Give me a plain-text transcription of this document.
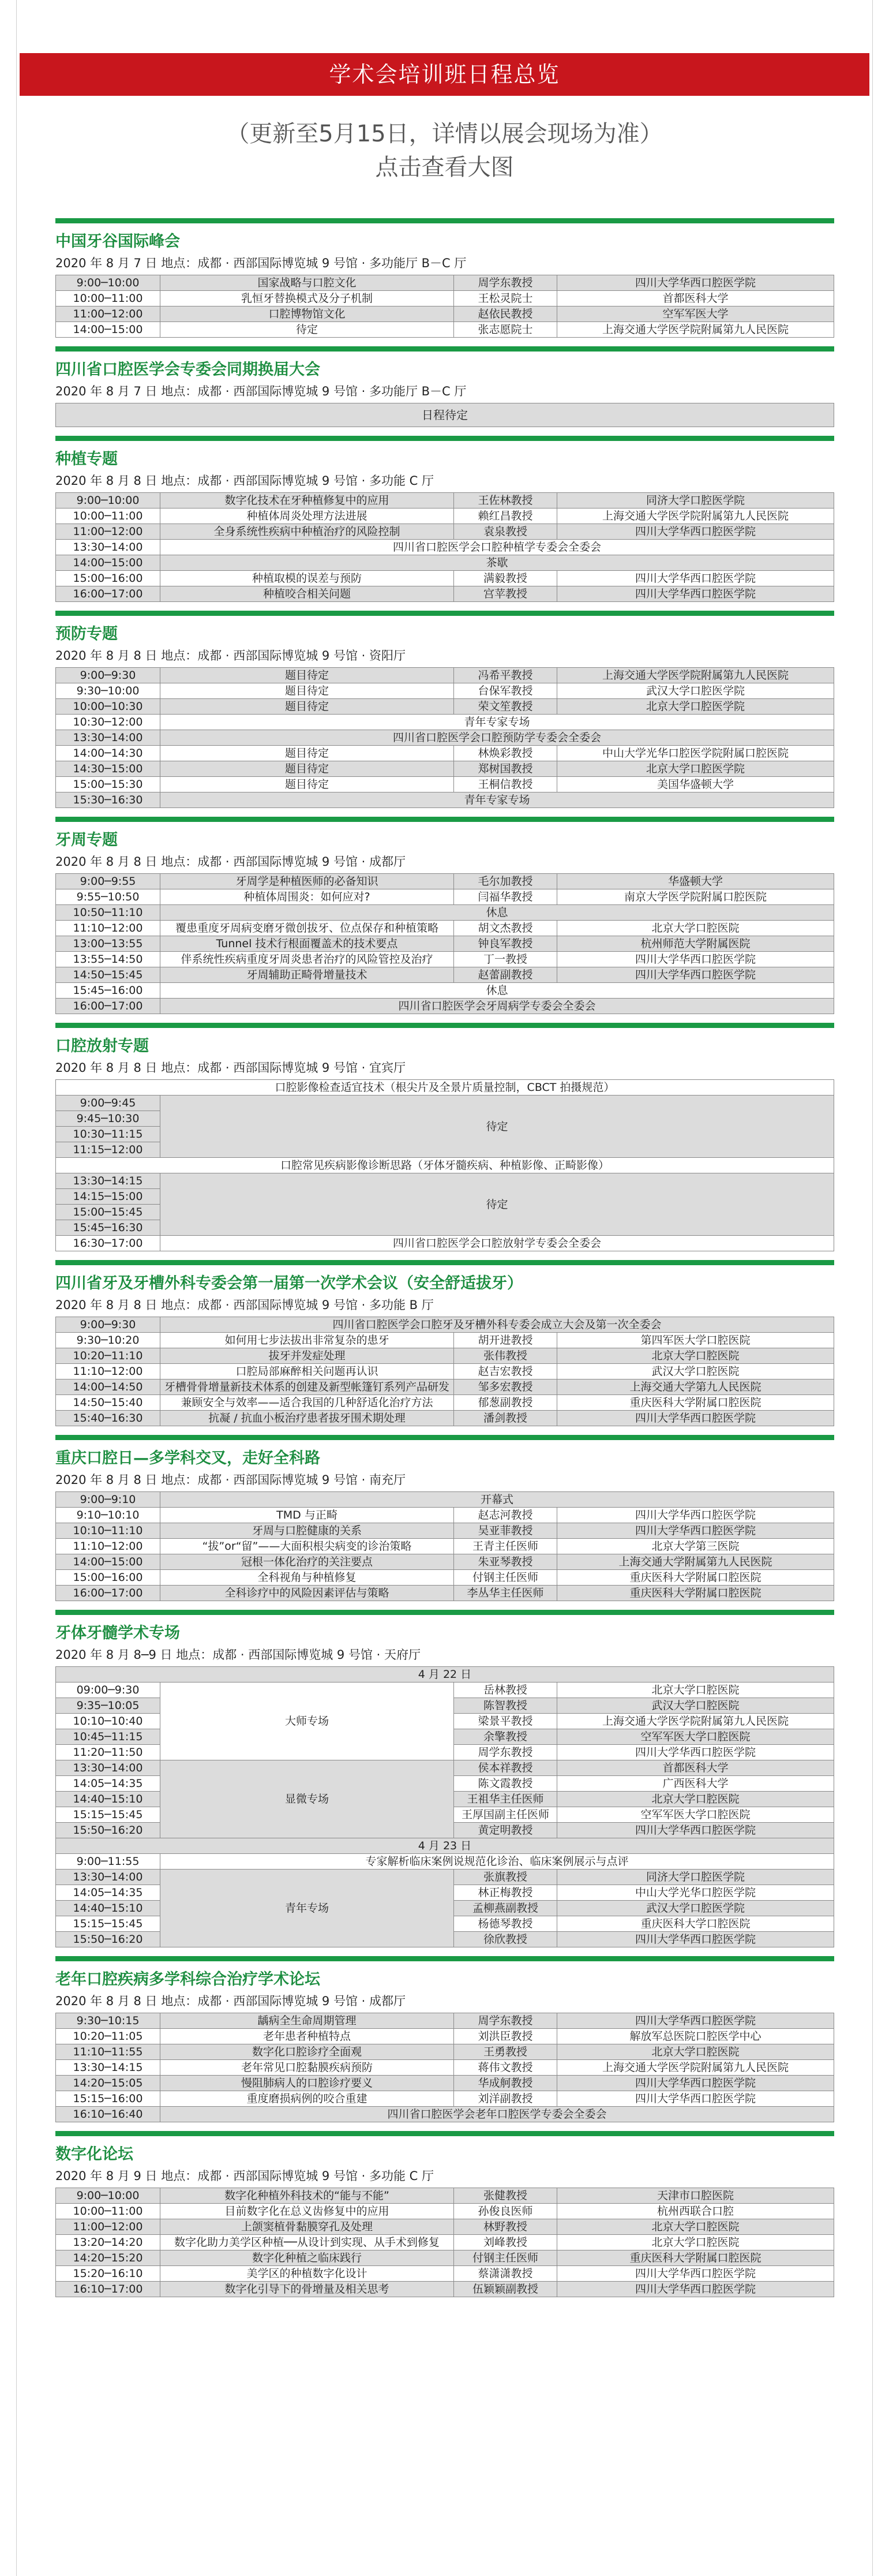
学术会培训班日程总览
（更新至5月15日，详情以展会现场为准）
点击查看大图
中国牙谷国际峰会
2020 年 8 月 7 日 地点：成都 · 西部国际博览城 9 号馆 · 多功能厅 B－C 厅
9:00─10:00	国家战略与口腔文化	周学东教授	四川大学华西口腔医学院
10:00─11:00	乳恒牙替换模式及分子机制	王松灵院士	首都医科大学
11:00─12:00	口腔博物馆文化	赵依民教授	空军军医大学
14:00─15:00	待定	张志愿院士	上海交通大学医学院附属第九人民医院
四川省口腔医学会专委会同期换届大会
2020 年 8 月 7 日 地点：成都 · 西部国际博览城 9 号馆 · 多功能厅 B－C 厅
日程待定
种植专题
2020 年 8 月 8 日 地点：成都 · 西部国际博览城 9 号馆 · 多功能 C 厅
9:00─10:00	数字化技术在牙种植修复中的应用	王佐林教授	同济大学口腔医学院
10:00─11:00	种植体周炎处理方法进展	赖红昌教授	上海交通大学医学院附属第九人民医院
11:00─12:00	全身系统性疾病中种植治疗的风险控制	袁泉教授	四川大学华西口腔医学院
13:30─14:00	四川省口腔医学会口腔种植学专委会全委会		
14:00─15:00	茶歇		
15:00─16:00	种植取模的误差与预防	满毅教授	四川大学华西口腔医学院
16:00─17:00	种植咬合相关问题	宫苹教授	四川大学华西口腔医学院
预防专题
2020 年 8 月 8 日 地点：成都 · 西部国际博览城 9 号馆 · 资阳厅
9:00─9:30	题目待定	冯希平教授	上海交通大学医学院附属第九人民医院
9:30─10:00	题目待定	台保军教授	武汉大学口腔医学院
10:00─10:30	题目待定	荣文笙教授	北京大学口腔医学院
10:30─12:00	青年专家专场		
13:30─14:00	四川省口腔医学会口腔预防学专委会全委会		
14:00─14:30	题目待定	林焕彩教授	中山大学光华口腔医学院附属口腔医院
14:30─15:00	题目待定	郑树国教授	北京大学口腔医学院
15:00─15:30	题目待定	王桐信教授	美国华盛顿大学
15:30─16:30	青年专家专场		
牙周专题
2020 年 8 月 8 日 地点：成都 · 西部国际博览城 9 号馆 · 成都厅
9:00─9:55	牙周学是种植医师的必备知识	毛尔加教授	华盛顿大学
9:55─10:50	种植体周围炎：如何应对?	闫福华教授	南京大学医学院附属口腔医院
10:50─11:10	休息		
11:10─12:00	覆患重度牙周病变磨牙微创拔牙、位点保存和种植策略	胡文杰教授	北京大学口腔医院
13:00─13:55	Tunnel 技术行根面覆盖术的技术要点	钟良军教授	杭州师范大学附属医院
13:55─14:50	伴系统性疾病重度牙周炎患者治疗的风险管控及治疗	丁一教授	四川大学华西口腔医学院
14:50─15:45	牙周辅助正畸骨增量技术	赵蕾副教授	四川大学华西口腔医学院
15:45─16:00	休息		
16:00─17:00	四川省口腔医学会牙周病学专委会全委会		
口腔放射专题
2020 年 8 月 8 日 地点：成都 · 西部国际博览城 9 号馆 · 宜宾厅
口腔影像检查适宜技术（根尖片及全景片质量控制，CBCT 拍摄规范）	
9:00─9:45	待定
9:45─10:30	
10:30─11:15	
11:15─12:00	
口腔常见疾病影像诊断思路（牙体牙髓疾病、种植影像、正畸影像）	
13:30─14:15	待定
14:15─15:00	
15:00─15:45	
15:45─16:30	
16:30─17:00	四川省口腔医学会口腔放射学专委会全委会
四川省牙及牙槽外科专委会第一届第一次学术会议（安全舒适拔牙）
2020 年 8 月 8 日 地点：成都 · 西部国际博览城 9 号馆 · 多功能 B 厅
9:00─9:30	四川省口腔医学会口腔牙及牙槽外科专委会成立大会及第一次全委会		
9:30─10:20	如何用七步法拔出非常复杂的患牙	胡开进教授	第四军医大学口腔医院
10:20─11:10	拔牙并发症处理	张伟教授	北京大学口腔医院
11:10─12:00	口腔局部麻醉相关问题再认识	赵吉宏教授	武汉大学口腔医院
14:00─14:50	牙槽骨骨增量新技术体系的创建及新型帐篷钉系列产品研发	邹多宏教授	上海交通大学第九人民医院
14:50─15:40	兼顾安全与效率——适合我国的几种舒适化治疗方法	郁葱副教授	重庆医科大学附属口腔医院
15:40─16:30	抗凝 / 抗血小板治疗患者拔牙围术期处理	潘剑教授	四川大学华西口腔医学院
重庆口腔日—多学科交叉，走好全科路
2020 年 8 月 8 日 地点：成都 · 西部国际博览城 9 号馆 · 南充厅
9:00─9:10	开幕式		
9:10─10:10	TMD 与正畸	赵志河教授	四川大学华西口腔医学院
10:10─11:10	牙周与口腔健康的关系	吴亚菲教授	四川大学华西口腔医学院
11:10─12:00	“拔”or“留”——大面积根尖病变的诊治策略	王青主任医师	北京大学第三医院
14:00─15:00	冠根一体化治疗的关注要点	朱亚琴教授	上海交通大学附属第九人民医院
15:00─16:00	全科视角与种植修复	付钢主任医师	重庆医科大学附属口腔医院
16:00─17:00	全科诊疗中的风险因素评估与策略	李丛华主任医师	重庆医科大学附属口腔医院
牙体牙髓学术专场
2020 年 8 月 8─9 日 地点：成都 · 西部国际博览城 9 号馆 · 天府厅
4 月 22 日			
09:00─9:30	大师专场	岳林教授	北京大学口腔医院
9:35─10:05		陈智教授	武汉大学口腔医院
10:10─10:40		梁景平教授	上海交通大学医学院附属第九人民医院
10:45─11:15		余擎教授	空军军医大学口腔医院
11:20─11:50		周学东教授	四川大学华西口腔医学院
13:30─14:00	显微专场	侯本祥教授	首都医科大学
14:05─14:35		陈文霞教授	广西医科大学
14:40─15:10		王祖华主任医师	北京大学口腔医院
15:15─15:45		王厚国副主任医师	空军军医大学口腔医院
15:50─16:20		黄定明教授	四川大学华西口腔医学院
4 月 23 日			
9:00─11:55	专家解析临床案例说规范化诊治、临床案例展示与点评		
13:30─14:00	青年专场	张旗教授	同济大学口腔医学院
14:05─14:35		林正梅教授	中山大学光华口腔医学院
14:40─15:10		孟柳燕副教授	武汉大学口腔医学院
15:15─15:45		杨德琴教授	重庆医科大学口腔医院
15:50─16:20		徐欣教授	四川大学华西口腔医学院
老年口腔疾病多学科综合治疗学术论坛
2020 年 8 月 8 日 地点：成都 · 西部国际博览城 9 号馆 · 成都厅
9:30─10:15	龋病全生命周期管理	周学东教授	四川大学华西口腔医学院
10:20─11:05	老年患者种植特点	刘洪臣教授	解放军总医院口腔医学中心
11:10─11:55	数字化口腔诊疗全面观	王勇教授	北京大学口腔医院
13:30─14:15	老年常见口腔黏膜疾病预防	蒋伟文教授	上海交通大学医学院附属第九人民医院
14:20─15:05	慢阻肺病人的口腔诊疗要义	华成舸教授	四川大学华西口腔医学院
15:15─16:00	重度磨损病例的咬合重建	刘洋副教授	四川大学华西口腔医学院
16:10─16:40	四川省口腔医学会老年口腔医学专委会全委会		
数字化论坛
2020 年 8 月 9 日 地点：成都 · 西部国际博览城 9 号馆 · 多功能 C 厅
9:00─10:00	数字化种植外科技术的“能与不能”	张健教授	天津市口腔医院
10:00─11:00	目前数字化在总义齿修复中的应用	孙俊良医师	杭州西联合口腔
11:00─12:00	上颌窦植骨黏膜穿孔及处理	林野教授	北京大学口腔医院
13:20─14:20	数字化助力美学区种植──从设计到实现、从手术到修复	刘峰教授	北京大学口腔医院
14:20─15:20	数字化种植之临床践行	付钢主任医师	重庆医科大学附属口腔医院
15:20─16:10	美学区的种植数字化设计	蔡潇潇教授	四川大学华西口腔医学院
16:10─17:00	数字化引导下的骨增量及相关思考	伍颖颖副教授	四川大学华西口腔医学院
